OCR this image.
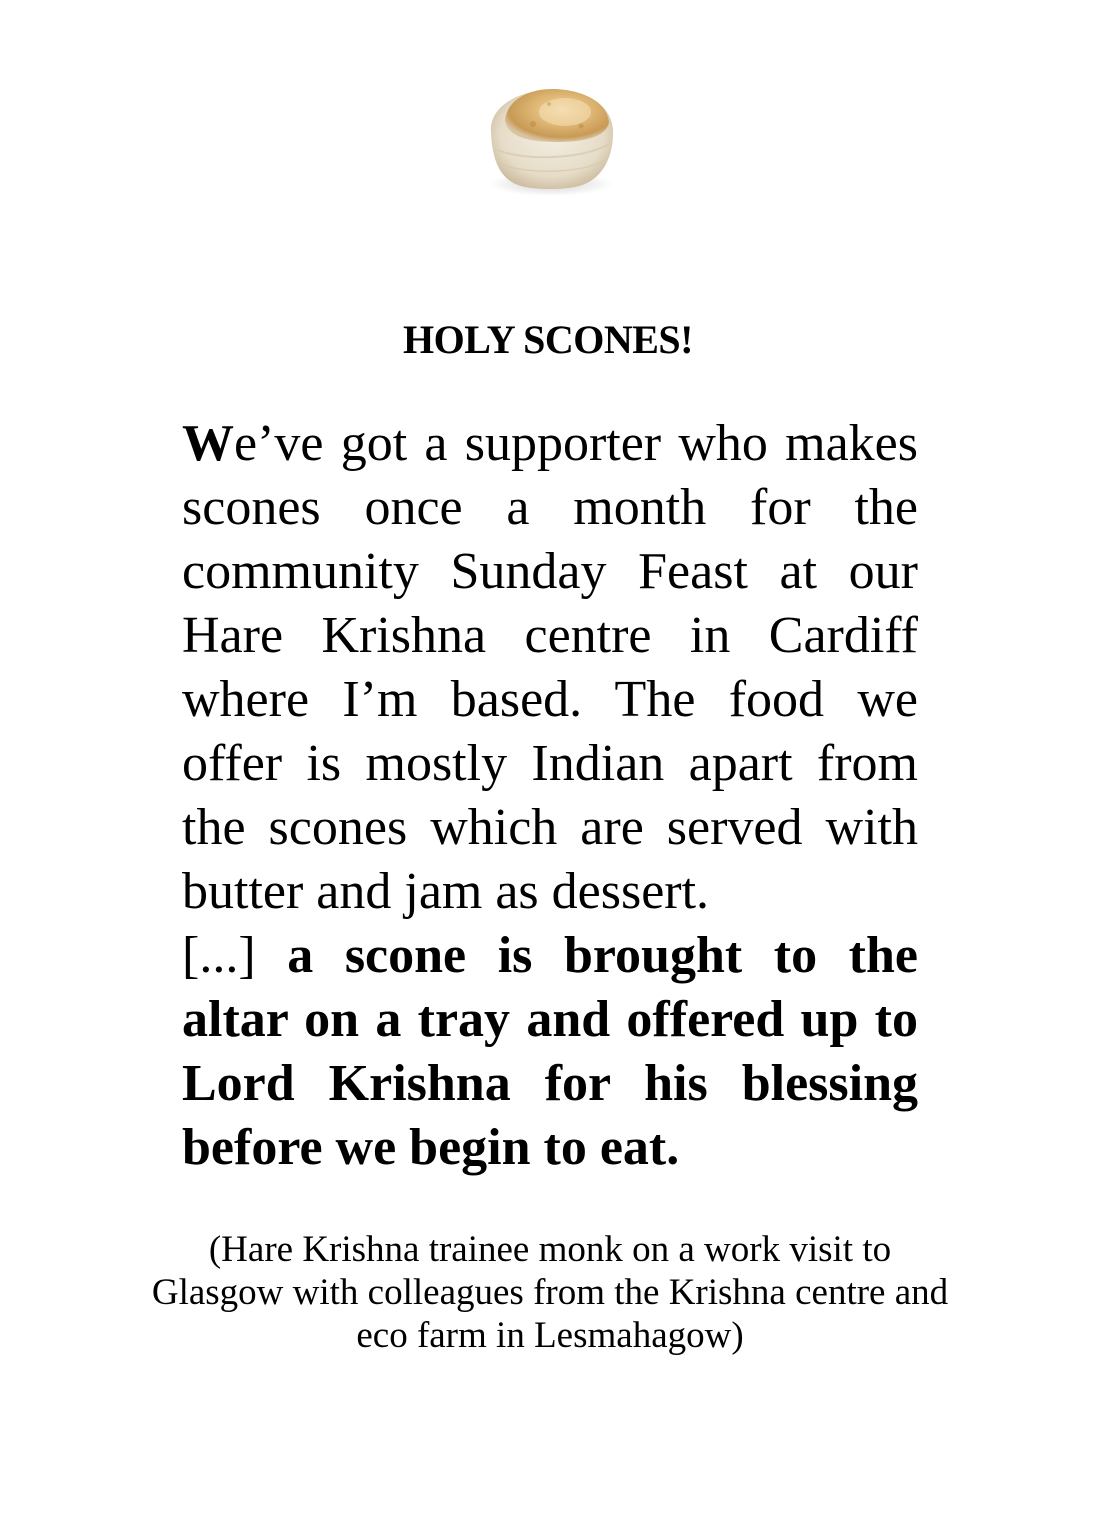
HOLY SCONES!

We’ve got a supporter who makes scones once a month for the community Sunday Feast at our Hare Krishna centre in Cardiff where I’m based. The food we offer is mostly Indian apart from the scones which are served with butter and jam as dessert.

[...] a scone is brought to the altar on a tray and offered up to Lord Krishna for his blessing before we begin to eat.

(Hare Krishna trainee monk on a work visit to Glasgow with colleagues from the Krishna centre and eco farm in Lesmahagow)
